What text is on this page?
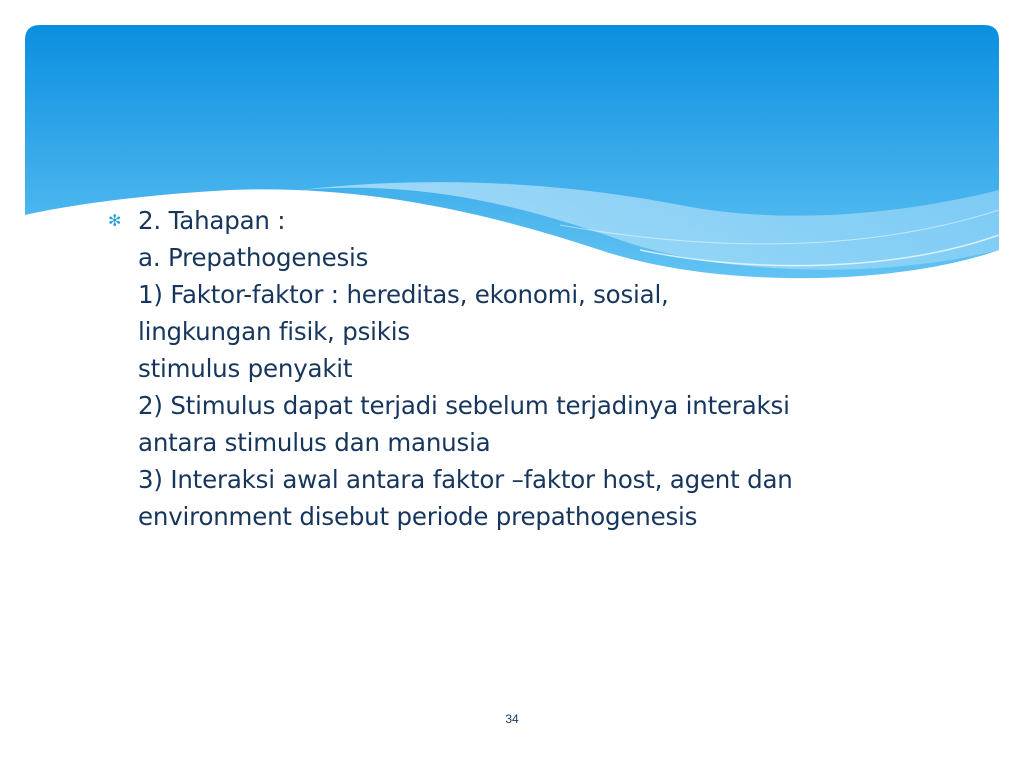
✻ 2. Tahapan :
a. Prepathogenesis
1) Faktor-faktor : hereditas, ekonomi, sosial,
lingkungan fisik, psikis
stimulus penyakit
2) Stimulus dapat terjadi sebelum terjadinya interaksi
antara stimulus dan manusia
3) Interaksi awal antara faktor –faktor host, agent dan
environment disebut periode prepathogenesis
34
